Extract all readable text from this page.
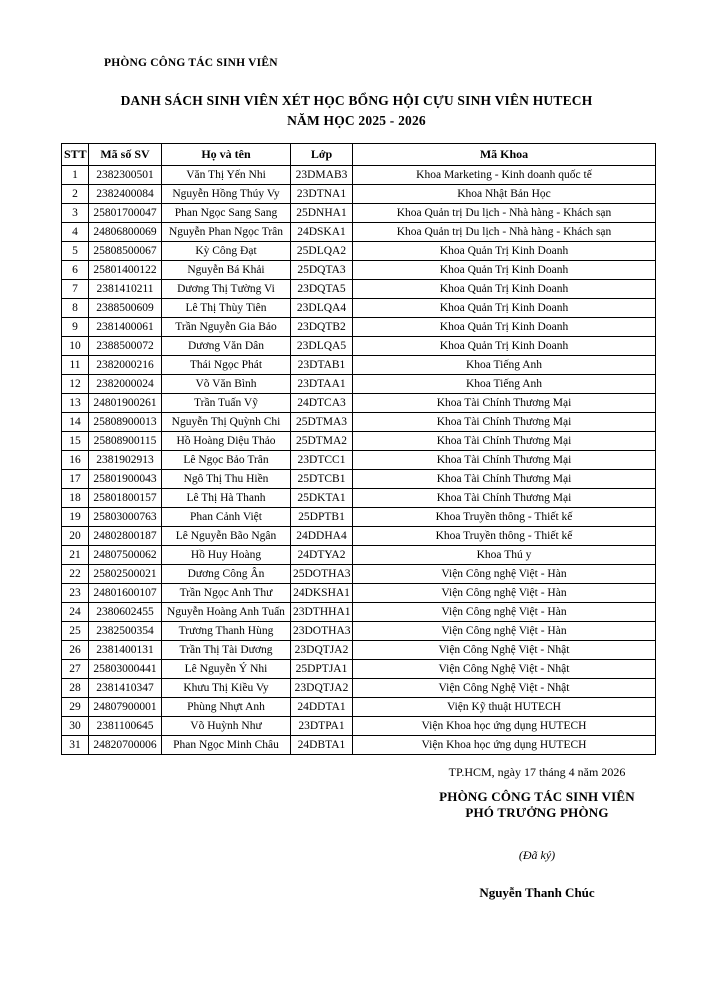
PHÒNG CÔNG TÁC SINH VIÊN
DANH SÁCH SINH VIÊN XÉT HỌC BỔNG HỘI CỰU SINH VIÊN HUTECH
NĂM HỌC 2025 - 2026
STT	Mã số SV	Họ và tên	Lớp	Mã Khoa
1	2382300501	Văn Thị Yến Nhi	23DMAB3	Khoa Marketing - Kinh doanh quốc tế
2	2382400084	Nguyễn Hồng Thúy Vy	23DTNA1	Khoa Nhật Bản Học
3	25801700047	Phan Ngọc Sang Sang	25DNHA1	Khoa Quản trị Du lịch - Nhà hàng - Khách sạn
4	24806800069	Nguyễn Phan Ngọc Trân	24DSKA1	Khoa Quản trị Du lịch - Nhà hàng - Khách sạn
5	25808500067	Kỳ Công Đạt	25DLQA2	Khoa Quản Trị Kinh Doanh
6	25801400122	Nguyễn Bá Khải	25DQTA3	Khoa Quản Trị Kinh Doanh
7	2381410211	Dương Thị Tường Vi	23DQTA5	Khoa Quản Trị Kinh Doanh
8	2388500609	Lê Thị Thùy Tiên	23DLQA4	Khoa Quản Trị Kinh Doanh
9	2381400061	Trần Nguyễn Gia Bảo	23DQTB2	Khoa Quản Trị Kinh Doanh
10	2388500072	Dương Văn Dân	23DLQA5	Khoa Quản Trị Kinh Doanh
11	2382000216	Thái Ngọc Phát	23DTAB1	Khoa Tiếng Anh
12	2382000024	Võ Văn Bình	23DTAA1	Khoa Tiếng Anh
13	24801900261	Trần Tuấn Vỹ	24DTCA3	Khoa Tài Chính Thương Mại
14	25808900013	Nguyễn Thị Quỳnh Chi	25DTMA3	Khoa Tài Chính Thương Mại
15	25808900115	Hồ Hoàng Diệu Thảo	25DTMA2	Khoa Tài Chính Thương Mại
16	2381902913	Lê Ngọc Bảo Trân	23DTCC1	Khoa Tài Chính Thương Mại
17	25801900043	Ngô Thị Thu Hiền	25DTCB1	Khoa Tài Chính Thương Mại
18	25801800157	Lê Thị Hà Thanh	25DKTA1	Khoa Tài Chính Thương Mại
19	25803000763	Phan Cảnh Việt	25DPTB1	Khoa Truyền thông - Thiết kế
20	24802800187	Lê Nguyễn Bão Ngân	24DDHA4	Khoa Truyền thông - Thiết kế
21	24807500062	Hồ Huy Hoàng	24DTYA2	Khoa Thú y
22	25802500021	Dương Công Ân	25DOTHA3	Viện Công nghệ Việt - Hàn
23	24801600107	Trần Ngọc Anh Thư	24DKSHA1	Viện Công nghệ Việt - Hàn
24	2380602455	Nguyễn Hoàng Anh Tuấn	23DTHHA1	Viện Công nghệ Việt - Hàn
25	2382500354	Trương Thanh Hùng	23DOTHA3	Viện Công nghệ Việt - Hàn
26	2381400131	Trần Thị Tài Dương	23DQTJA2	Viện Công Nghệ Việt - Nhật
27	25803000441	Lê Nguyễn Ý Nhi	25DPTJA1	Viện Công Nghệ Việt - Nhật
28	2381410347	Khưu Thị Kiều Vy	23DQTJA2	Viện Công Nghệ Việt - Nhật
29	24807900001	Phùng Nhựt Anh	24DDTA1	Viện Kỹ thuật HUTECH
30	2381100645	Võ Huỳnh Như	23DTPA1	Viện Khoa học ứng dụng HUTECH
31	24820700006	Phan Ngọc Minh Châu	24DBTA1	Viện Khoa học ứng dụng HUTECH
TP.HCM, ngày 17 tháng 4 năm 2026
PHÒNG CÔNG TÁC SINH VIÊN
PHÓ TRƯỞNG PHÒNG
(Đã ký)
Nguyễn Thanh Chúc
